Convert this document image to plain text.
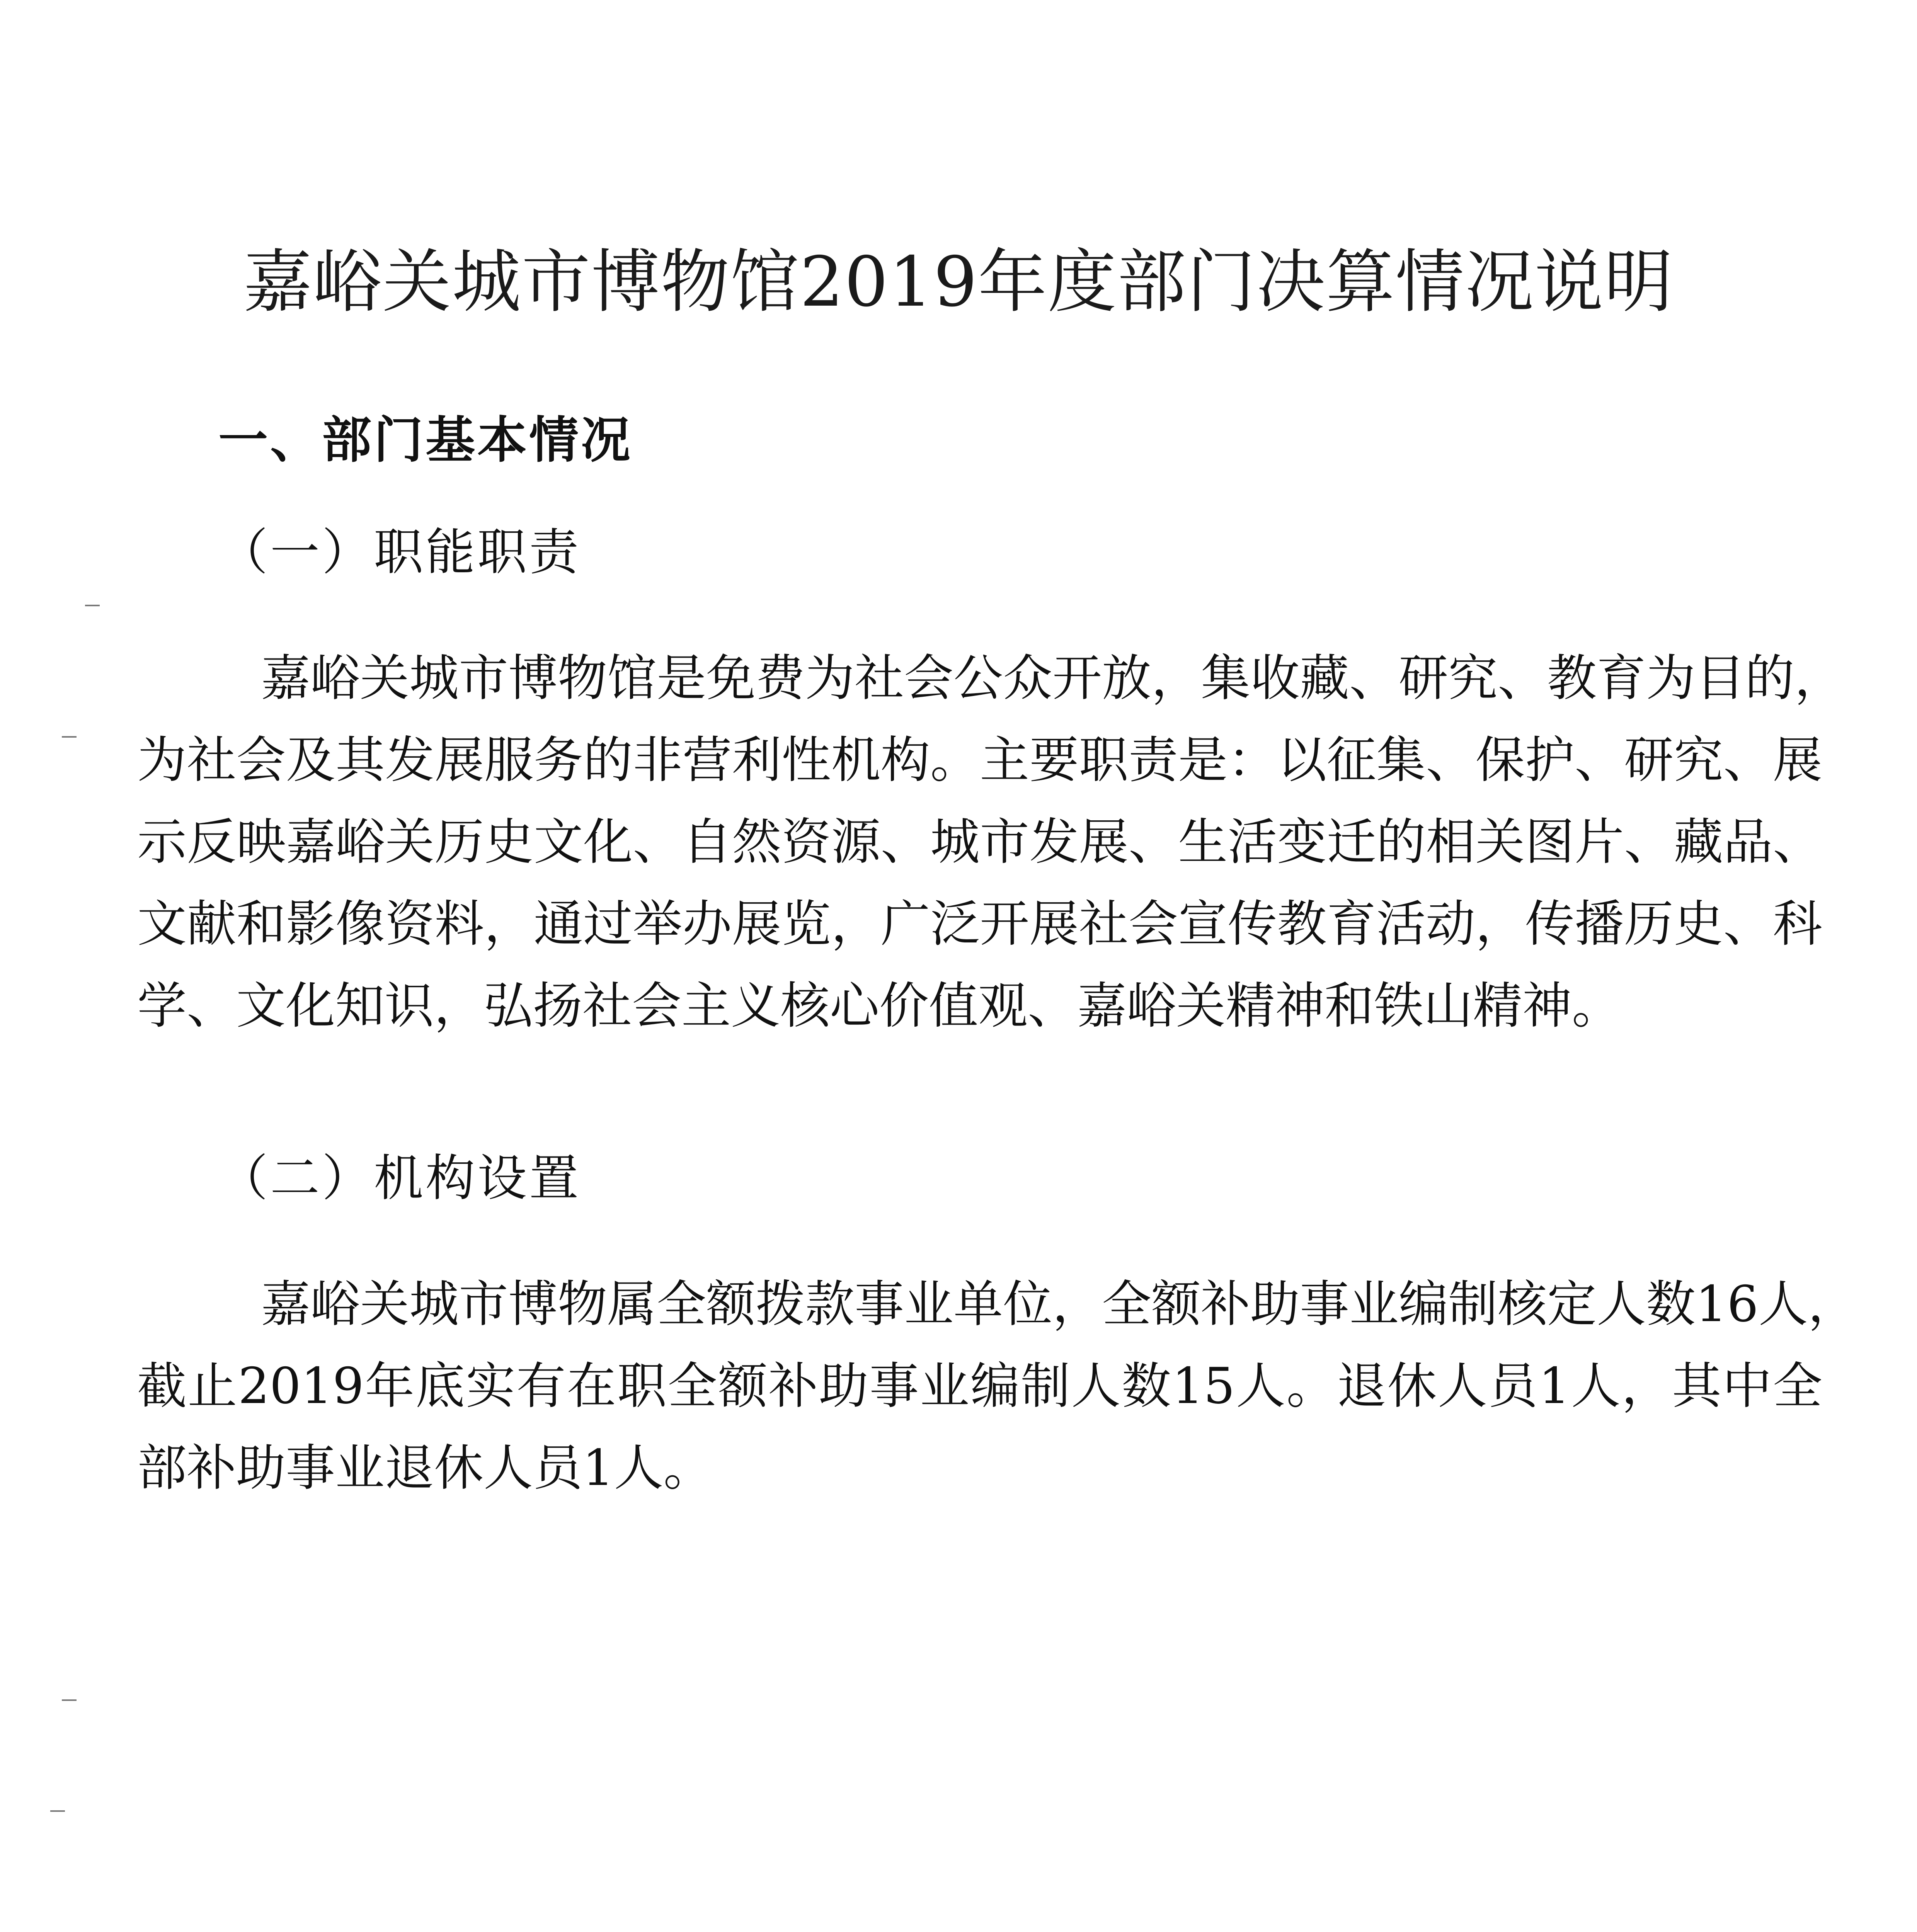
嘉峪关城市博物馆2019年度部门决算情况说明
一、部门基本情况
（一）职能职责
嘉峪关城市博物馆是免费为社会公众开放，集收藏、研究、教育为目的，
为社会及其发展服务的非营利性机构。主要职责是：以征集、保护、研究、展
示反映嘉峪关历史文化、自然资源、城市发展、生活变迁的相关图片、藏品、
文献和影像资料，通过举办展览，广泛开展社会宣传教育活动，传播历史、科
学、文化知识，弘扬社会主义核心价值观、嘉峪关精神和铁山精神。
（二）机构设置
嘉峪关城市博物属全额拨款事业单位，全额补助事业编制核定人数16人，
截止2019年底实有在职全额补助事业编制人数15人。退休人员1人，其中全
部补助事业退休人员1人。
